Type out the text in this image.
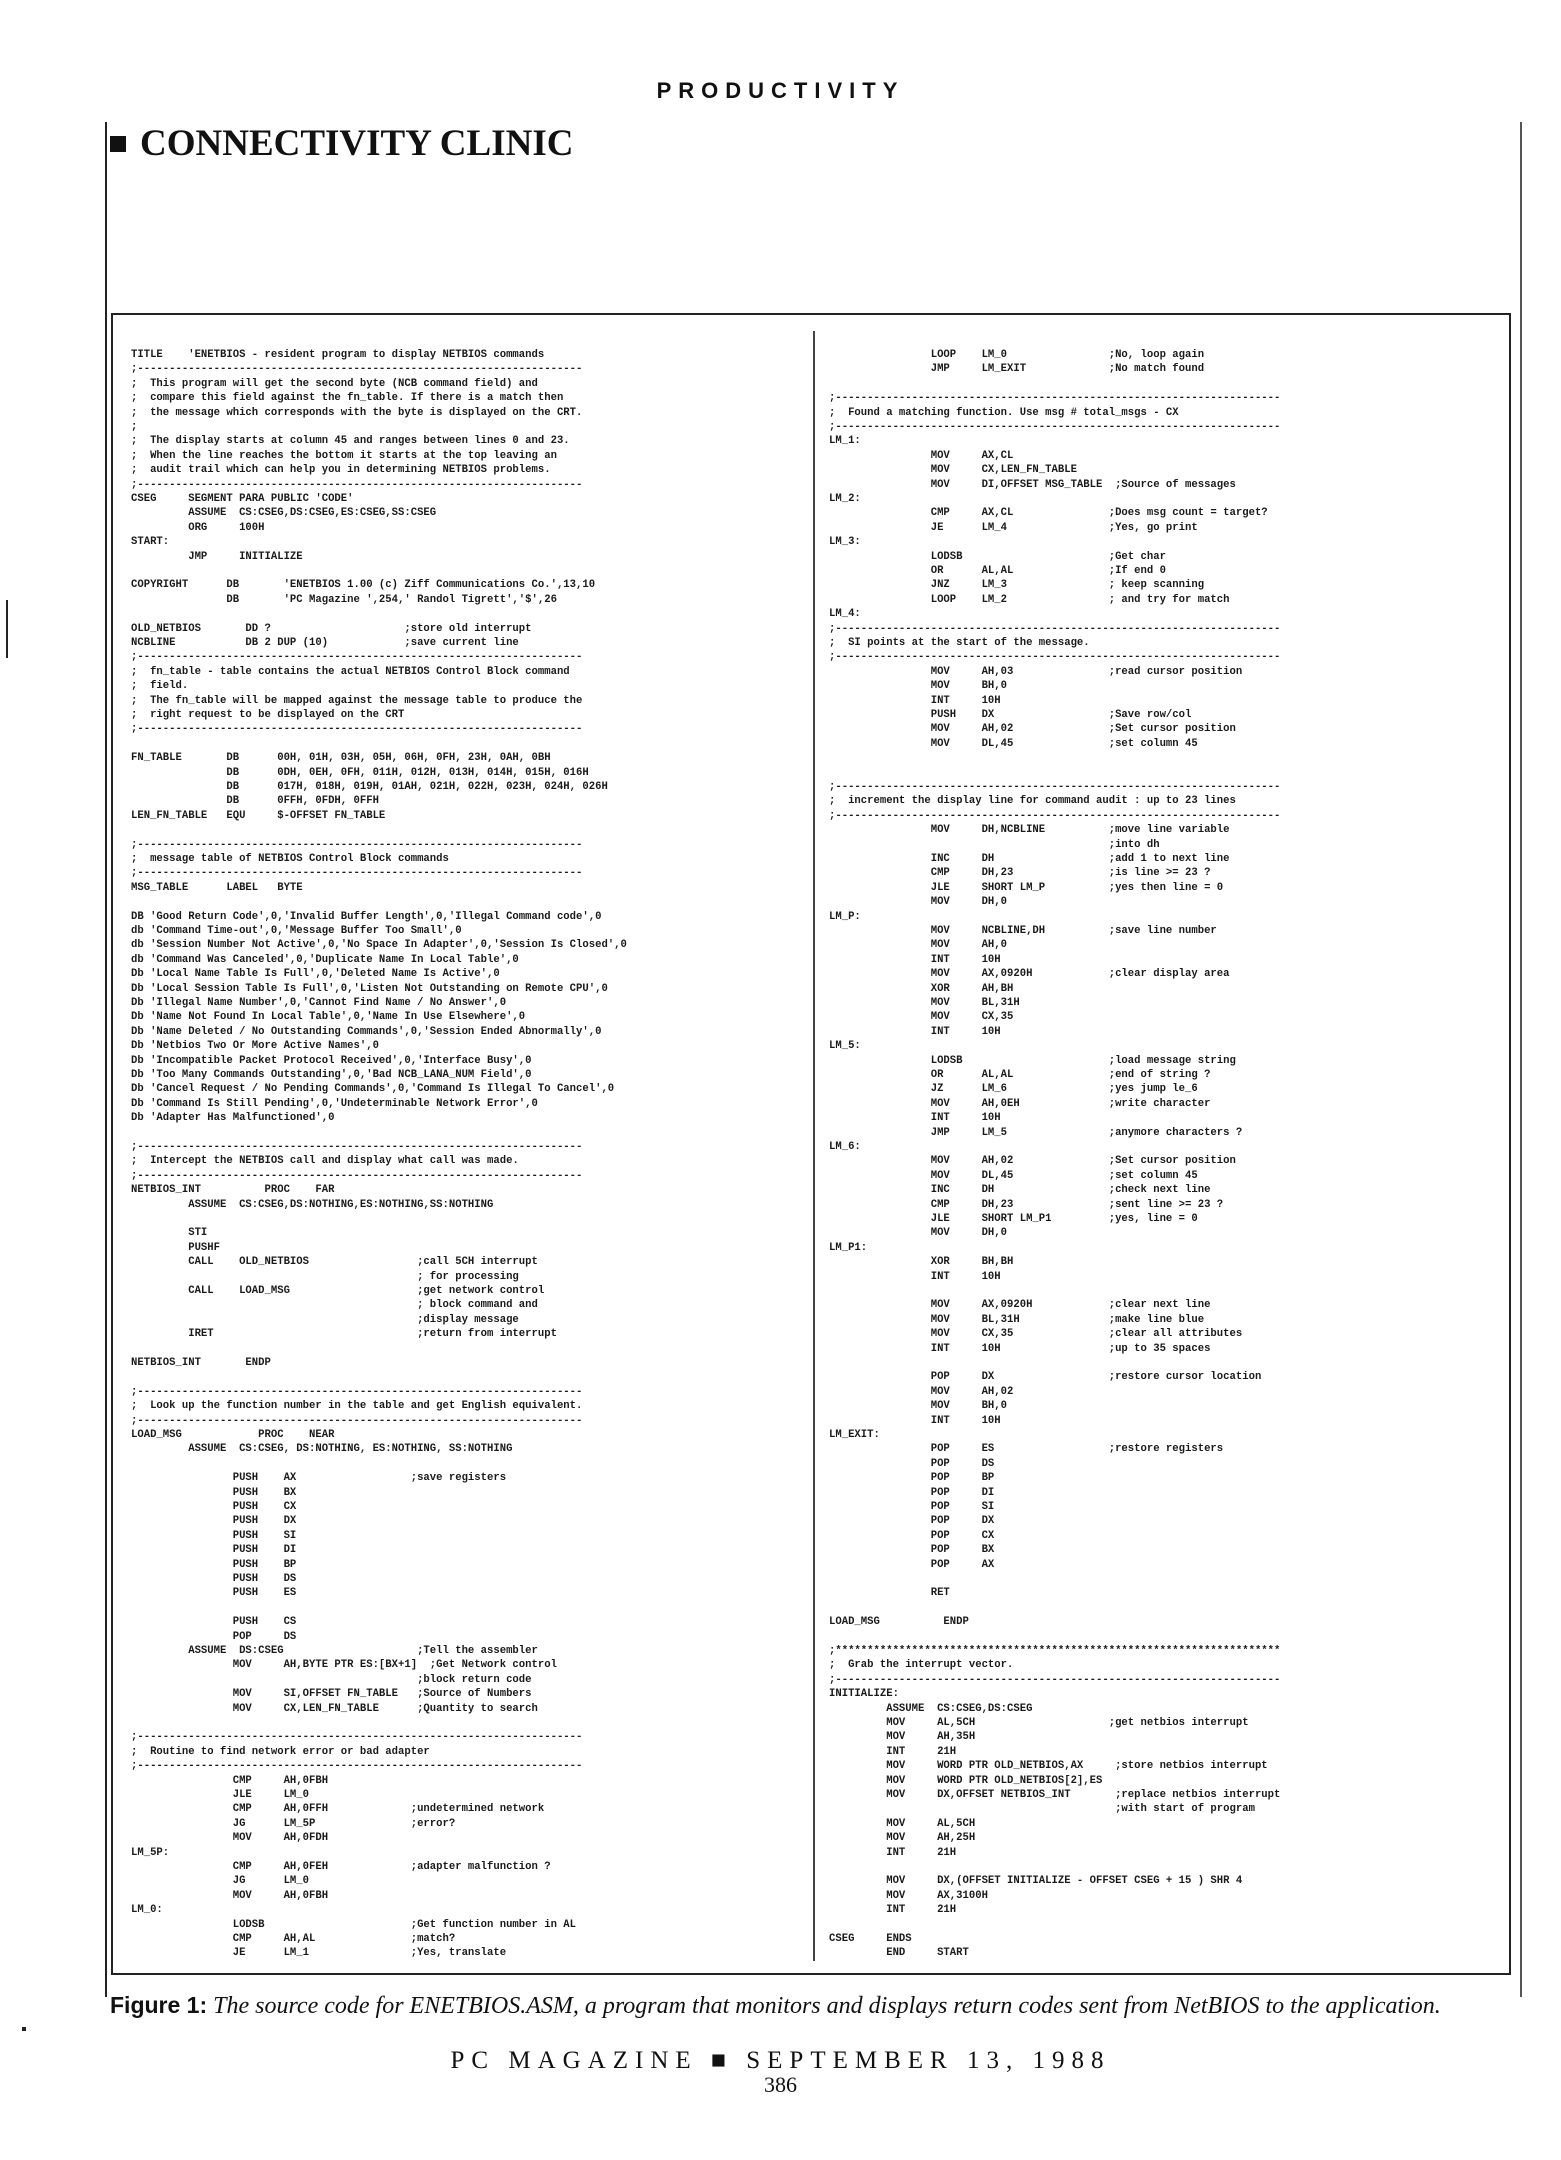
PRODUCTIVITY
CONNECTIVITY CLINIC
TITLE    'ENETBIOS - resident program to display NETBIOS commands
;----------------------------------------------------------------------
;  This program will get the second byte (NCB command field) and
;  compare this field against the fn_table. If there is a match then
;  the message which corresponds with the byte is displayed on the CRT.
;
;  The display starts at column 45 and ranges between lines 0 and 23.
;  When the line reaches the bottom it starts at the top leaving an
;  audit trail which can help you in determining NETBIOS problems.
;----------------------------------------------------------------------
CSEG     SEGMENT PARA PUBLIC 'CODE'
ASSUME  CS:CSEG,DS:CSEG,ES:CSEG,SS:CSEG
ORG     100H
START:
JMP     INITIALIZE
COPYRIGHT      DB       'ENETBIOS 1.00 (c) Ziff Communications Co.',13,10
DB       'PC Magazine ',254,' Randol Tigrett','$',26
OLD_NETBIOS       DD ?                     ;store old interrupt
NCBLINE           DB 2 DUP (10)            ;save current line
;----------------------------------------------------------------------
;  fn_table - table contains the actual NETBIOS Control Block command
;  field.
;  The fn_table will be mapped against the message table to produce the
;  right request to be displayed on the CRT
;----------------------------------------------------------------------
FN_TABLE       DB      00H, 01H, 03H, 05H, 06H, 0FH, 23H, 0AH, 0BH
DB      0DH, 0EH, 0FH, 011H, 012H, 013H, 014H, 015H, 016H
DB      017H, 018H, 019H, 01AH, 021H, 022H, 023H, 024H, 026H
DB      0FFH, 0FDH, 0FFH
LEN_FN_TABLE   EQU     $-OFFSET FN_TABLE
;----------------------------------------------------------------------
;  message table of NETBIOS Control Block commands
;----------------------------------------------------------------------
MSG_TABLE      LABEL   BYTE
DB 'Good Return Code',0,'Invalid Buffer Length',0,'Illegal Command code',0
db 'Command Time-out',0,'Message Buffer Too Small',0
db 'Session Number Not Active',0,'No Space In Adapter',0,'Session Is Closed',0
db 'Command Was Canceled',0,'Duplicate Name In Local Table',0
Db 'Local Name Table Is Full',0,'Deleted Name Is Active',0
Db 'Local Session Table Is Full',0,'Listen Not Outstanding on Remote CPU',0
Db 'Illegal Name Number',0,'Cannot Find Name / No Answer',0
Db 'Name Not Found In Local Table',0,'Name In Use Elsewhere',0
Db 'Name Deleted / No Outstanding Commands',0,'Session Ended Abnormally',0
Db 'Netbios Two Or More Active Names',0
Db 'Incompatible Packet Protocol Received',0,'Interface Busy',0
Db 'Too Many Commands Outstanding',0,'Bad NCB_LANA_NUM Field',0
Db 'Cancel Request / No Pending Commands',0,'Command Is Illegal To Cancel',0
Db 'Command Is Still Pending',0,'Undeterminable Network Error',0
Db 'Adapter Has Malfunctioned',0
;----------------------------------------------------------------------
;  Intercept the NETBIOS call and display what call was made.
;----------------------------------------------------------------------
NETBIOS_INT          PROC    FAR
ASSUME  CS:CSEG,DS:NOTHING,ES:NOTHING,SS:NOTHING
STI
PUSHF
CALL    OLD_NETBIOS                 ;call 5CH interrupt
; for processing
CALL    LOAD_MSG                    ;get network control
; block command and
;display message
IRET                                ;return from interrupt
NETBIOS_INT       ENDP
;----------------------------------------------------------------------
;  Look up the function number in the table and get English equivalent.
;----------------------------------------------------------------------
LOAD_MSG            PROC    NEAR
ASSUME  CS:CSEG, DS:NOTHING, ES:NOTHING, SS:NOTHING
PUSH    AX                  ;save registers
PUSH    BX
PUSH    CX
PUSH    DX
PUSH    SI
PUSH    DI
PUSH    BP
PUSH    DS
PUSH    ES
PUSH    CS
POP     DS
ASSUME  DS:CSEG                     ;Tell the assembler
MOV     AH,BYTE PTR ES:[BX+1]  ;Get Network control
;block return code
MOV     SI,OFFSET FN_TABLE   ;Source of Numbers
MOV     CX,LEN_FN_TABLE      ;Quantity to search
;----------------------------------------------------------------------
;  Routine to find network error or bad adapter
;----------------------------------------------------------------------
CMP     AH,0FBH
JLE     LM_0
CMP     AH,0FFH             ;undetermined network
JG      LM_5P               ;error?
MOV     AH,0FDH
LM_5P:
CMP     AH,0FEH             ;adapter malfunction ?
JG      LM_0
MOV     AH,0FBH
LM_0:
LODSB                       ;Get function number in AL
CMP     AH,AL               ;match?
JE      LM_1                ;Yes, translate
LOOP    LM_0                ;No, loop again
JMP     LM_EXIT             ;No match found
;----------------------------------------------------------------------
;  Found a matching function. Use msg # total_msgs - CX
;----------------------------------------------------------------------
LM_1:
MOV     AX,CL
MOV     CX,LEN_FN_TABLE
MOV     DI,OFFSET MSG_TABLE  ;Source of messages
LM_2:
CMP     AX,CL               ;Does msg count = target?
JE      LM_4                ;Yes, go print
LM_3:
LODSB                       ;Get char
OR      AL,AL               ;If end 0
JNZ     LM_3                ; keep scanning
LOOP    LM_2                ; and try for match
LM_4:
;----------------------------------------------------------------------
;  SI points at the start of the message.
;----------------------------------------------------------------------
MOV     AH,03               ;read cursor position
MOV     BH,0
INT     10H
PUSH    DX                  ;Save row/col
MOV     AH,02               ;Set cursor position
MOV     DL,45               ;set column 45
;----------------------------------------------------------------------
;  increment the display line for command audit : up to 23 lines
;----------------------------------------------------------------------
MOV     DH,NCBLINE          ;move line variable
;into dh
INC     DH                  ;add 1 to next line
CMP     DH,23               ;is line >= 23 ?
JLE     SHORT LM_P          ;yes then line = 0
MOV     DH,0
LM_P:
MOV     NCBLINE,DH          ;save line number
MOV     AH,0
INT     10H
MOV     AX,0920H            ;clear display area
XOR     AH,BH
MOV     BL,31H
MOV     CX,35
INT     10H
LM_5:
LODSB                       ;load message string
OR      AL,AL               ;end of string ?
JZ      LM_6                ;yes jump le_6
MOV     AH,0EH              ;write character
INT     10H
JMP     LM_5                ;anymore characters ?
LM_6:
MOV     AH,02               ;Set cursor position
MOV     DL,45               ;set column 45
INC     DH                  ;check next line
CMP     DH,23               ;sent line >= 23 ?
JLE     SHORT LM_P1         ;yes, line = 0
MOV     DH,0
LM_P1:
XOR     BH,BH
INT     10H
MOV     AX,0920H            ;clear next line
MOV     BL,31H              ;make line blue
MOV     CX,35               ;clear all attributes
INT     10H                 ;up to 35 spaces
POP     DX                  ;restore cursor location
MOV     AH,02
MOV     BH,0
INT     10H
LM_EXIT:
POP     ES                  ;restore registers
POP     DS
POP     BP
POP     DI
POP     SI
POP     DX
POP     CX
POP     BX
POP     AX
RET
LOAD_MSG          ENDP
;**********************************************************************
;  Grab the interrupt vector.
;----------------------------------------------------------------------
INITIALIZE:
ASSUME  CS:CSEG,DS:CSEG
MOV     AL,5CH                     ;get netbios interrupt
MOV     AH,35H
INT     21H
MOV     WORD PTR OLD_NETBIOS,AX     ;store netbios interrupt
MOV     WORD PTR OLD_NETBIOS[2],ES
MOV     DX,OFFSET NETBIOS_INT       ;replace netbios interrupt
;with start of program
MOV     AL,5CH
MOV     AH,25H
INT     21H
MOV     DX,(OFFSET INITIALIZE - OFFSET CSEG + 15 ) SHR 4
MOV     AX,3100H
INT     21H
CSEG     ENDS
END     START
Figure 1: The source code for ENETBIOS.ASM, a program that monitors and displays return codes sent from NetBIOS to the application.
PC MAGAZINE ■ SEPTEMBER 13, 1988
386
